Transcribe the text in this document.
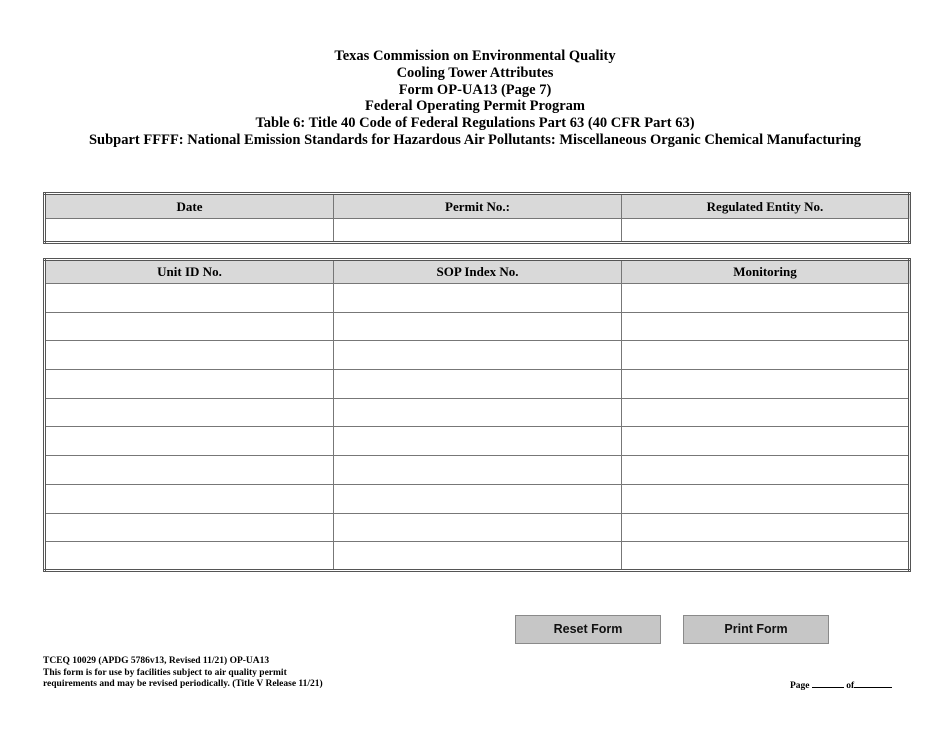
Texas Commission on Environmental Quality
Cooling Tower Attributes
Form OP-UA13 (Page 7)
Federal Operating Permit Program
Table 6: Title 40 Code of Federal Regulations Part 63 (40 CFR Part 63)
Subpart FFFF: National Emission Standards for Hazardous Air Pollutants: Miscellaneous Organic Chemical Manufacturing
Date	Permit No.:	Regulated Entity No.

Unit ID No.	SOP Index No.	Monitoring

Reset Form	Print Form
TCEQ 10029 (APDG 5786v13, Revised 11/21) OP-UA13
This form is for use by facilities subject to air quality permit
requirements and may be revised periodically. (Title V Release 11/21)	Page	of
